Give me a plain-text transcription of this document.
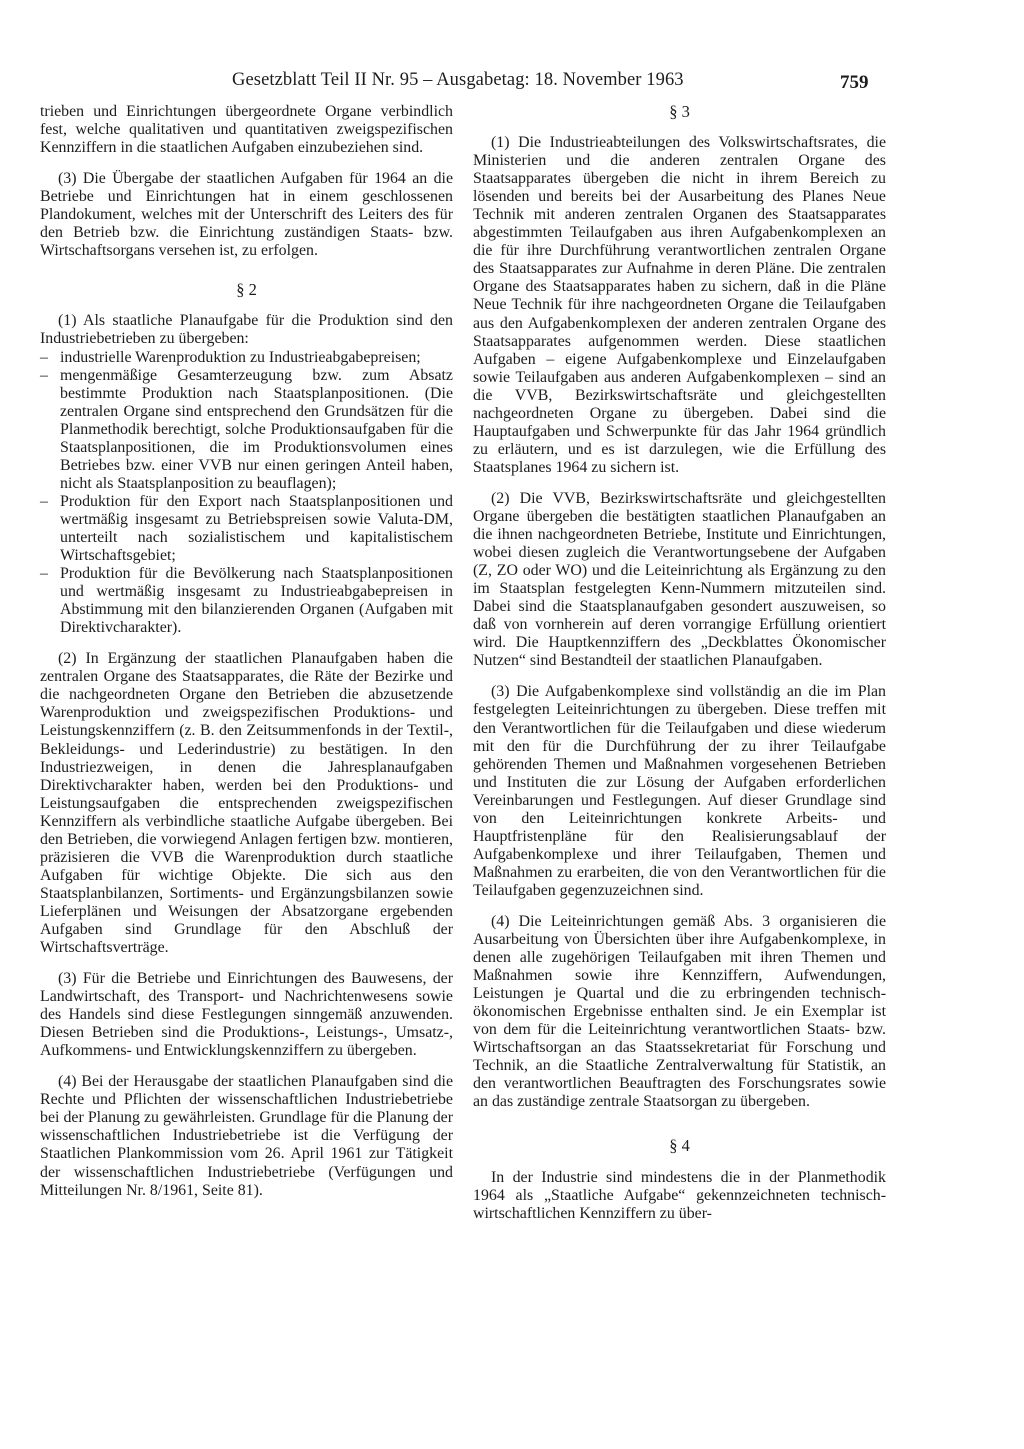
Gesetzblatt Teil II Nr. 95 – Ausgabetag: 18. November 1963	759

trieben und Einrichtungen übergeordnete Organe verbindlich fest, welche qualitativen und quantitativen zweigspezifischen Kennziffern in die staatlichen Aufgaben einzubeziehen sind.

(3) Die Übergabe der staatlichen Aufgaben für 1964 an die Betriebe und Einrichtungen hat in einem geschlossenen Plandokument, welches mit der Unterschrift des Leiters des für den Betrieb bzw. die Einrichtung zuständigen Staats- bzw. Wirtschaftsorgans versehen ist, zu erfolgen.

§ 2

(1) Als staatliche Planaufgabe für die Produktion sind den Industriebetrieben zu übergeben:

– industrielle Warenproduktion zu Industrieabgabepreisen;
– mengenmäßige Gesamterzeugung bzw. zum Absatz bestimmte Produktion nach Staatsplanpositionen. (Die zentralen Organe sind entsprechend den Grundsätzen für die Planmethodik berechtigt, solche Produktionsaufgaben für die Staatsplanpositionen, die im Produktionsvolumen eines Betriebes bzw. einer VVB nur einen geringen Anteil haben, nicht als Staatsplanposition zu beauflagen);
– Produktion für den Export nach Staatsplanpositionen und wertmäßig insgesamt zu Betriebspreisen sowie Valuta-DM, unterteilt nach sozialistischem und kapitalistischem Wirtschaftsgebiet;
– Produktion für die Bevölkerung nach Staatsplanpositionen und wertmäßig insgesamt zu Industrieabgabepreisen in Abstimmung mit den bilanzierenden Organen (Aufgaben mit Direktivcharakter).

(2) In Ergänzung der staatlichen Planaufgaben haben die zentralen Organe des Staatsapparates, die Räte der Bezirke und die nachgeordneten Organe den Betrieben die abzusetzende Warenproduktion und zweigspezifischen Produktions- und Leistungskennziffern (z. B. den Zeitsummenfonds in der Textil-, Bekleidungs- und Lederindustrie) zu bestätigen. In den Industriezweigen, in denen die Jahresplanaufgaben Direktivcharakter haben, werden bei den Produktions- und Leistungsaufgaben die entsprechenden zweigspezifischen Kennziffern als verbindliche staatliche Aufgabe übergeben. Bei den Betrieben, die vorwiegend Anlagen fertigen bzw. montieren, präzisieren die VVB die Warenproduktion durch staatliche Aufgaben für wichtige Objekte. Die sich aus den Staatsplanbilanzen, Sortiments- und Ergänzungsbilanzen sowie Lieferplänen und Weisungen der Absatzorgane ergebenden Aufgaben sind Grundlage für den Abschluß der Wirtschaftsverträge.

(3) Für die Betriebe und Einrichtungen des Bauwesens, der Landwirtschaft, des Transport- und Nachrichtenwesens sowie des Handels sind diese Festlegungen sinngemäß anzuwenden. Diesen Betrieben sind die Produktions-, Leistungs-, Umsatz-, Aufkommens- und Entwicklungskennziffern zu übergeben.

(4) Bei der Herausgabe der staatlichen Planaufgaben sind die Rechte und Pflichten der wissenschaftlichen Industriebetriebe bei der Planung zu gewährleisten. Grundlage für die Planung der wissenschaftlichen Industriebetriebe ist die Verfügung der Staatlichen Plankommission vom 26. April 1961 zur Tätigkeit der wissenschaftlichen Industriebetriebe (Verfügungen und Mitteilungen Nr. 8/1961, Seite 81).

§ 3

(1) Die Industrieabteilungen des Volkswirtschaftsrates, die Ministerien und die anderen zentralen Organe des Staatsapparates übergeben die nicht in ihrem Bereich zu lösenden und bereits bei der Ausarbeitung des Planes Neue Technik mit anderen zentralen Organen des Staatsapparates abgestimmten Teilaufgaben aus ihren Aufgabenkomplexen an die für ihre Durchführung verantwortlichen zentralen Organe des Staatsapparates zur Aufnahme in deren Pläne. Die zentralen Organe des Staatsapparates haben zu sichern, daß in die Pläne Neue Technik für ihre nachgeordneten Organe die Teilaufgaben aus den Aufgabenkomplexen der anderen zentralen Organe des Staatsapparates aufgenommen werden. Diese staatlichen Aufgaben – eigene Aufgabenkomplexe und Einzelaufgaben sowie Teilaufgaben aus anderen Aufgabenkomplexen – sind an die VVB, Bezirkswirtschaftsräte und gleichgestellten nachgeordneten Organe zu übergeben. Dabei sind die Hauptaufgaben und Schwerpunkte für das Jahr 1964 gründlich zu erläutern, und es ist darzulegen, wie die Erfüllung des Staatsplanes 1964 zu sichern ist.

(2) Die VVB, Bezirkswirtschaftsräte und gleichgestellten Organe übergeben die bestätigten staatlichen Planaufgaben an die ihnen nachgeordneten Betriebe, Institute und Einrichtungen, wobei diesen zugleich die Verantwortungsebene der Aufgaben (Z, ZO oder WO) und die Leiteinrichtung als Ergänzung zu den im Staatsplan festgelegten Kenn-Nummern mitzuteilen sind. Dabei sind die Staatsplanaufgaben gesondert auszuweisen, so daß von vornherein auf deren vorrangige Erfüllung orientiert wird. Die Hauptkennziffern des „Deckblattes Ökonomischer Nutzen“ sind Bestandteil der staatlichen Planaufgaben.

(3) Die Aufgabenkomplexe sind vollständig an die im Plan festgelegten Leiteinrichtungen zu übergeben. Diese treffen mit den Verantwortlichen für die Teilaufgaben und diese wiederum mit den für die Durchführung der zu ihrer Teilaufgabe gehörenden Themen und Maßnahmen vorgesehenen Betrieben und Instituten die zur Lösung der Aufgaben erforderlichen Vereinbarungen und Festlegungen. Auf dieser Grundlage sind von den Leiteinrichtungen konkrete Arbeits- und Hauptfristenpläne für den Realisierungsablauf der Aufgabenkomplexe und ihrer Teilaufgaben, Themen und Maßnahmen zu erarbeiten, die von den Verantwortlichen für die Teilaufgaben gegenzuzeichnen sind.

(4) Die Leiteinrichtungen gemäß Abs. 3 organisieren die Ausarbeitung von Übersichten über ihre Aufgabenkomplexe, in denen alle zugehörigen Teilaufgaben mit ihren Themen und Maßnahmen sowie ihre Kennziffern, Aufwendungen, Leistungen je Quartal und die zu erbringenden technisch-ökonomischen Ergebnisse enthalten sind. Je ein Exemplar ist von dem für die Leiteinrichtung verantwortlichen Staats- bzw. Wirtschaftsorgan an das Staatssekretariat für Forschung und Technik, an die Staatliche Zentralverwaltung für Statistik, an den verantwortlichen Beauftragten des Forschungsrates sowie an das zuständige zentrale Staatsorgan zu übergeben.

§ 4

In der Industrie sind mindestens die in der Planmethodik 1964 als „Staatliche Aufgabe“ gekennzeichneten technisch-wirtschaftlichen Kennziffern zu über-
